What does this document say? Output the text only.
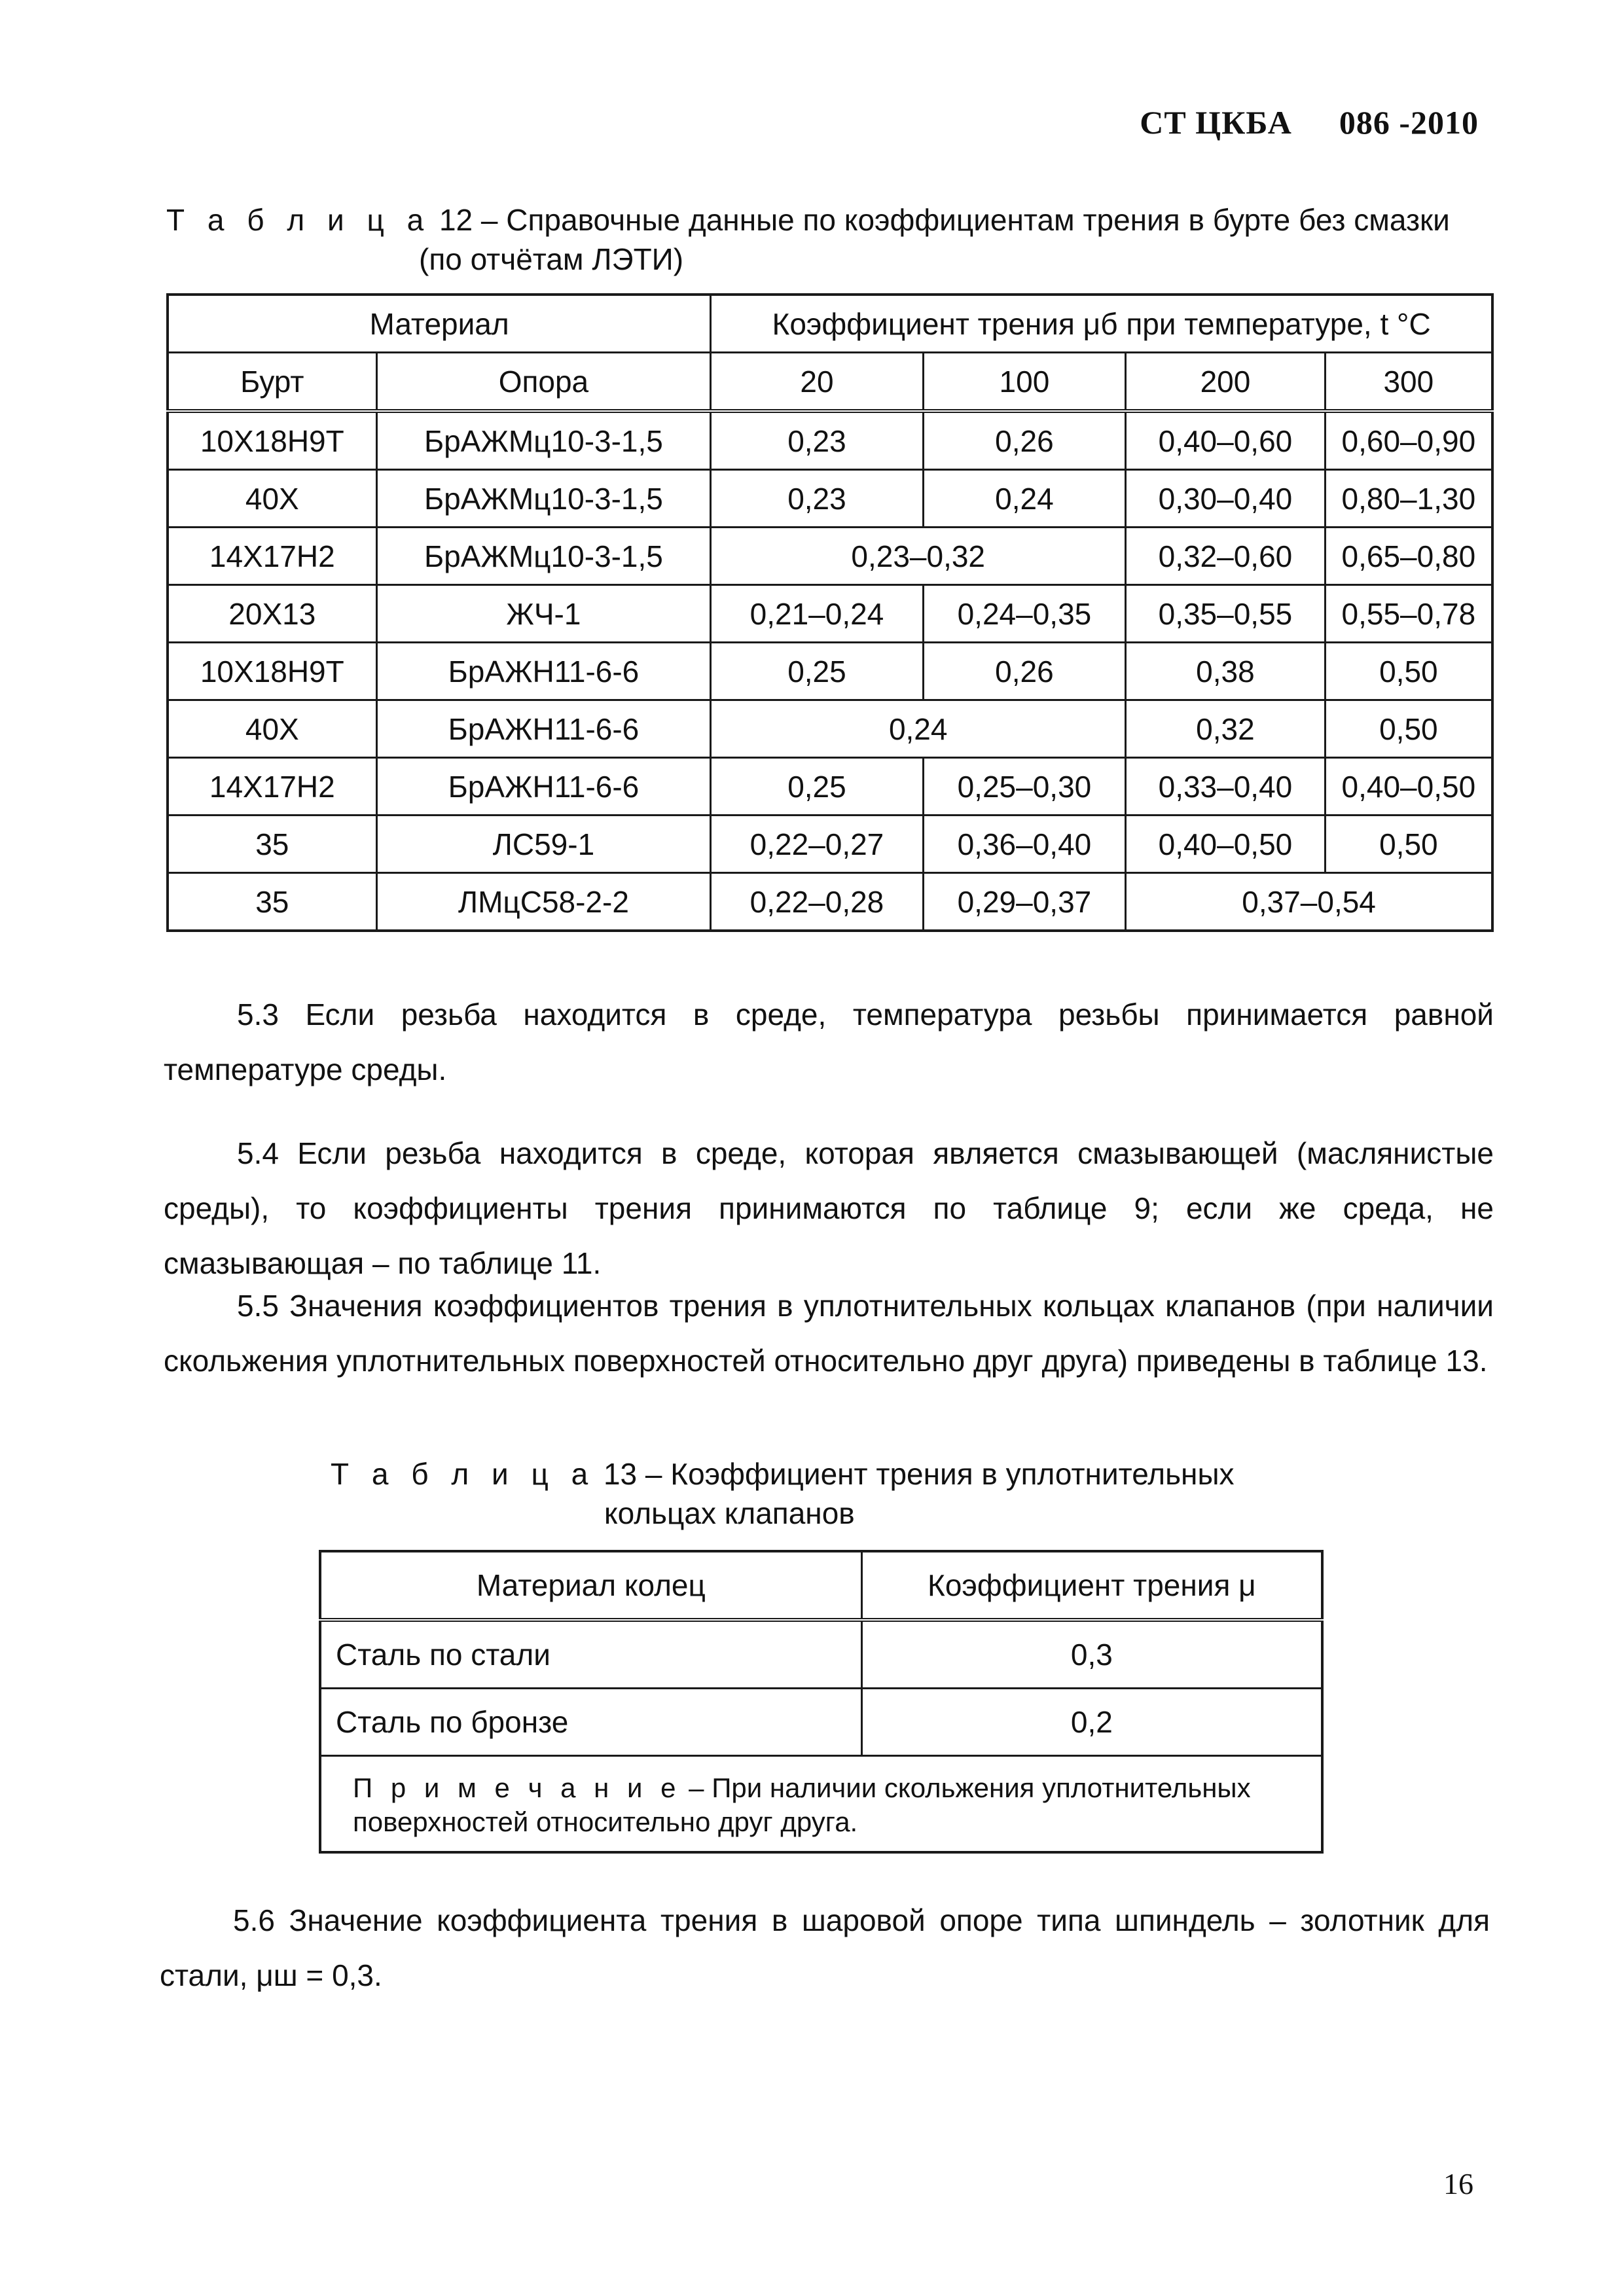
СТ ЦКБА 086 -2010
Т а б л и ц а 12 – Справочные данные по коэффициентам трения в бурте без смазки
(по отчётам ЛЭТИ)
Материал		Коэффициент трения μб при температуре, t °C			
Бурт	Опора	20	100	200	300
10Х18Н9Т	БрАЖМц10-3-1,5	0,23	0,26	0,40–0,60	0,60–0,90
40Х	БрАЖМц10-3-1,5	0,23	0,24	0,30–0,40	0,80–1,30
14Х17Н2	БрАЖМц10-3-1,5	0,23–0,32		0,32–0,60	0,65–0,80
20Х13	ЖЧ-1	0,21–0,24	0,24–0,35	0,35–0,55	0,55–0,78
10Х18Н9Т	БрАЖН11-6-6	0,25	0,26	0,38	0,50
40Х	БрАЖН11-6-6	0,24		0,32	0,50
14Х17Н2	БрАЖН11-6-6	0,25	0,25–0,30	0,33–0,40	0,40–0,50
35	ЛС59-1	0,22–0,27	0,36–0,40	0,40–0,50	0,50
35	ЛМцС58-2-2	0,22–0,28	0,29–0,37	0,37–0,54	
5.3 Если резьба находится в среде, температура резьбы принимается равной температуре среды.
5.4 Если резьба находится в среде, которая является смазывающей (маслянистые среды), то коэффициенты трения принимаются по таблице 9; если же среда, не смазывающая – по таблице 11.
5.5 Значения коэффициентов трения в уплотнительных кольцах клапанов (при наличии скольжения уплотнительных поверхностей относительно друг друга) приведены в таблице 13.
Т а б л и ц а 13 – Коэффициент трения в уплотнительных
кольцах клапанов
Материал колец	Коэффициент трения μ
Сталь по стали	0,3
Сталь по бронзе	0,2
П р и м е ч а н и е – При наличии скольжения уплотнительных поверхностей относительно друг друга.	
5.6 Значение коэффициента трения в шаровой опоре типа шпиндель – золотник для стали, μш = 0,3.
16
